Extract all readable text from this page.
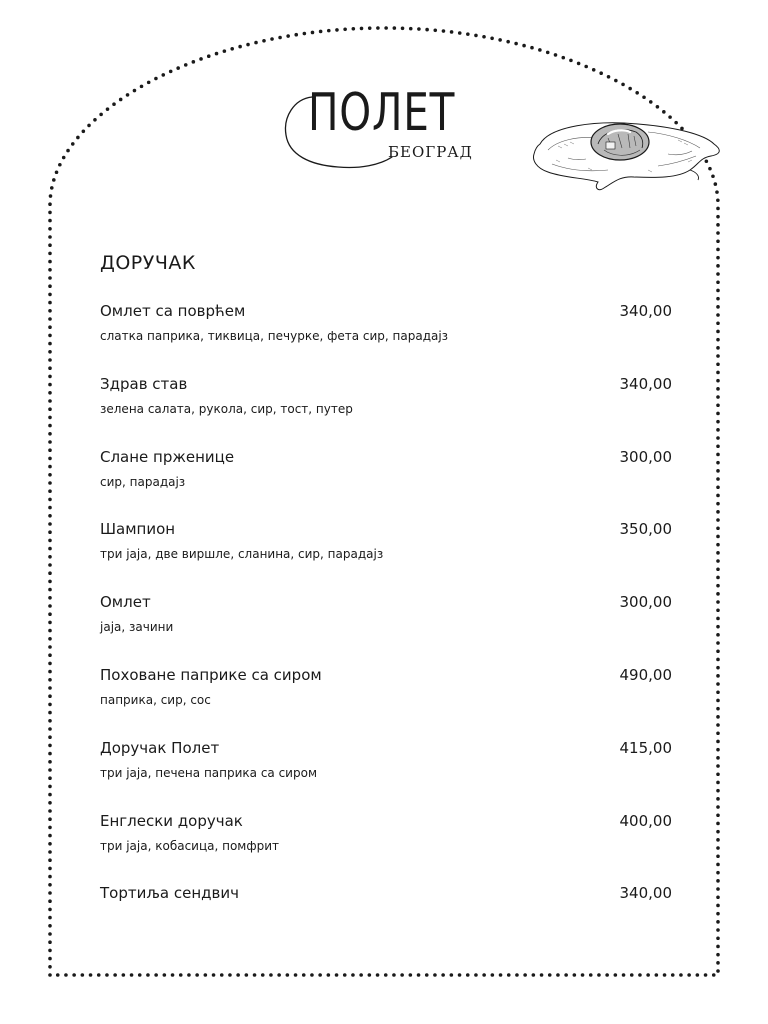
ПОЛЕТ
БЕОГРАД
ДОРУЧАК
Омлет са поврћем	340,00
слатка паприка, тиквица, печурке, фета сир, парадајз
Здрав став	340,00
зелена салата, рукола, сир, тост, путер
Слане прженице	300,00
сир, парадајз
Шампион	350,00
три јаја, две виршле, сланина, сир, парадајз
Омлет	300,00
јаја, зачини
Поховане паприке са сиром	490,00
паприка, сир, сос
Доручак Полет	415,00
три јаја, печена паприка са сиром
Енглески доручак	400,00
три јаја, кобасица, помфрит
Тортиља сендвич	340,00
